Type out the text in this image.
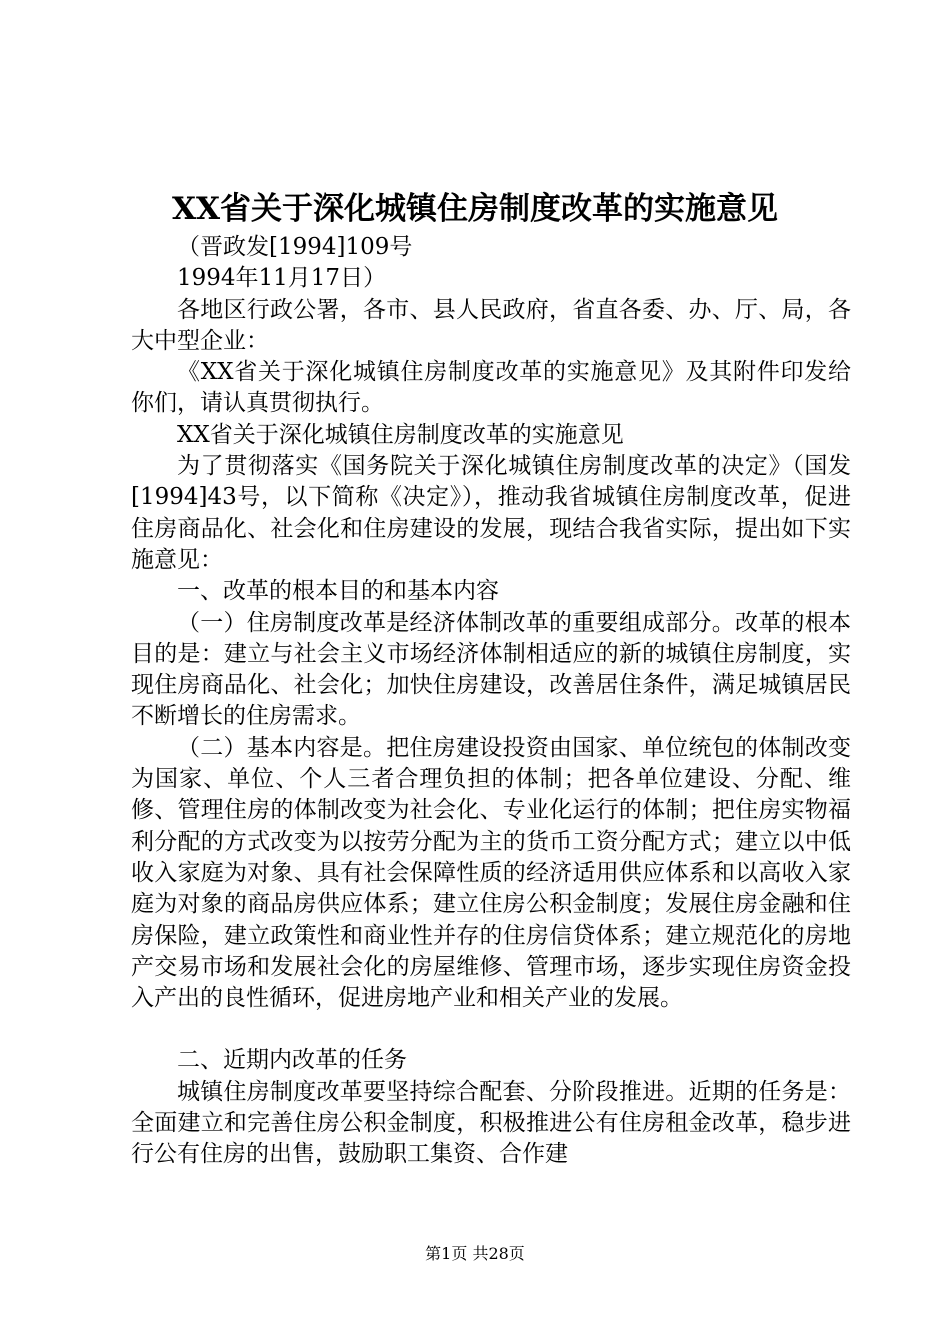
XX省关于深化城镇住房制度改革的实施意见

（晋政发[1994]109号

1994年11月17日）

各地区行政公署，各市、县人民政府，省直各委、办、厅、局，各大中型企业：

《XX省关于深化城镇住房制度改革的实施意见》及其附件印发给你们，请认真贯彻执行。

XX省关于深化城镇住房制度改革的实施意见

为了贯彻落实《国务院关于深化城镇住房制度改革的决定》（国发[1994]43号，以下简称《决定》），推动我省城镇住房制度改革，促进住房商品化、社会化和住房建设的发展，现结合我省实际，提出如下实施意见：

一、改革的根本目的和基本内容

（一）住房制度改革是经济体制改革的重要组成部分。改革的根本目的是：建立与社会主义市场经济体制相适应的新的城镇住房制度，实现住房商品化、社会化；加快住房建设，改善居住条件，满足城镇居民不断增长的住房需求。

（二）基本内容是。把住房建设投资由国家、单位统包的体制改变为国家、单位、个人三者合理负担的体制；把各单位建设、分配、维修、管理住房的体制改变为社会化、专业化运行的体制；把住房实物福利分配的方式改变为以按劳分配为主的货币工资分配方式；建立以中低收入家庭为对象、具有社会保障性质的经济适用供应体系和以高收入家庭为对象的商品房供应体系；建立住房公积金制度；发展住房金融和住房保险，建立政策性和商业性并存的住房信贷体系；建立规范化的房地产交易市场和发展社会化的房屋维修、管理市场，逐步实现住房资金投入产出的良性循环，促进房地产业和相关产业的发展。

二、近期内改革的任务

城镇住房制度改革要坚持综合配套、分阶段推进。近期的任务是：全面建立和完善住房公积金制度，积极推进公有住房租金改革，稳步进行公有住房的出售，鼓励职工集资、合作建

第1页 共28页
